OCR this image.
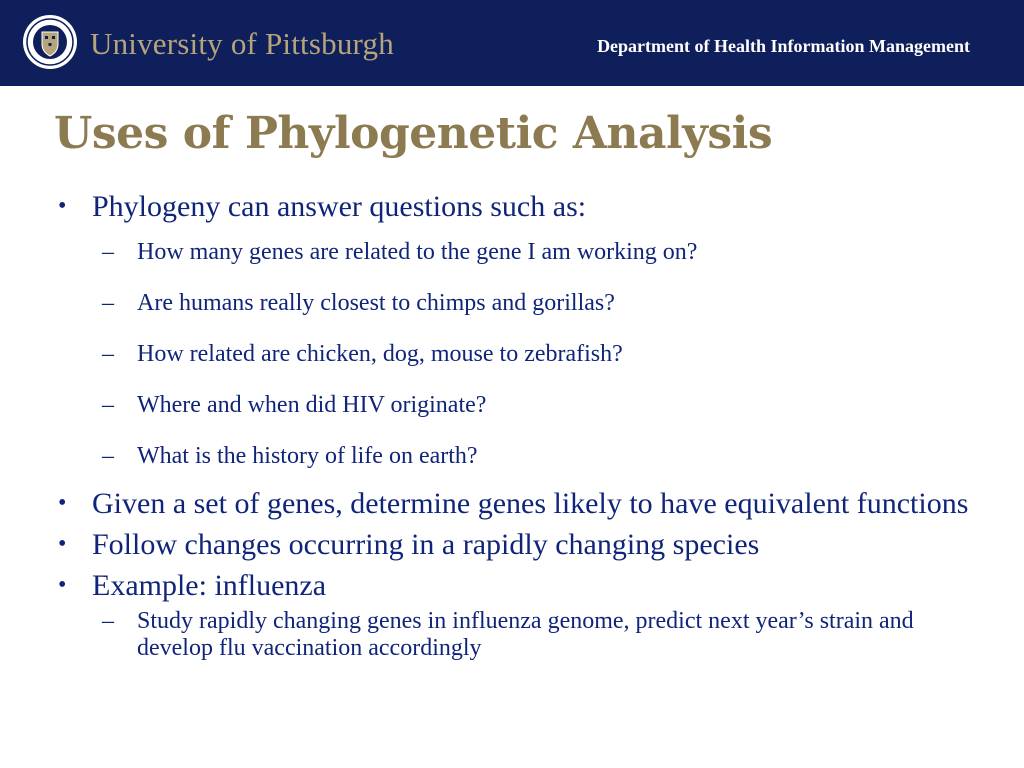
University of Pittsburgh	Department of Health Information Management
Uses of Phylogenetic Analysis
• Phylogeny can answer questions such as:
– How many genes are related to the gene I am working on?
– Are humans really closest to chimps and gorillas?
– How related are chicken, dog, mouse to zebrafish?
– Where and when did HIV originate?
– What is the history of life on earth?
• Given a set of genes, determine genes likely to have equivalent functions
• Follow changes occurring in a rapidly changing species
• Example: influenza
– Study rapidly changing genes in influenza genome, predict next year’s strain and develop flu vaccination accordingly
